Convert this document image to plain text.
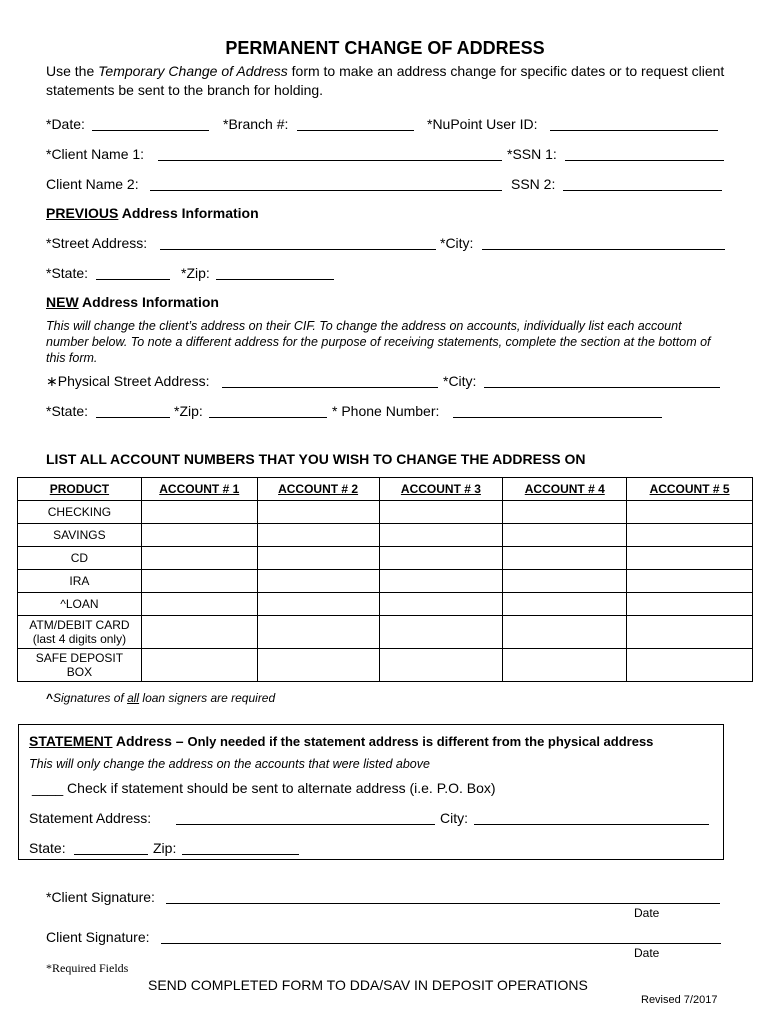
PERMANENT CHANGE OF ADDRESS
Use the Temporary Change of Address form to make an address change for specific dates or to request client statements be sent to the branch for holding.
*Date:	*Branch #:	*NuPoint User ID:
*Client Name 1:	*SSN 1:
Client Name 2:	SSN 2:
PREVIOUS Address Information
*Street Address:	*City:
*State:	*Zip:
NEW Address Information
This will change the client’s address on their CIF. To change the address on accounts, individually list each account number below. To note a different address for the purpose of receiving statements, complete the section at the bottom of this form.
∗Physical Street Address:	*City:
*State:	*Zip:	* Phone Number:
LIST ALL ACCOUNT NUMBERS THAT YOU WISH TO CHANGE THE ADDRESS ON
PRODUCT	ACCOUNT # 1	ACCOUNT # 2	ACCOUNT # 3	ACCOUNT # 4	ACCOUNT # 5
CHECKING					
SAVINGS					
CD					
IRA					
^LOAN					
ATM/DEBIT CARD
(last 4 digits only)					
SAFE DEPOSIT
BOX					
^Signatures of all loan signers are required
STATEMENT Address – Only needed if the statement address is different from the physical address
This will only change the address on the accounts that were listed above
____ Check if statement should be sent to alternate address (i.e. P.O. Box)
Statement Address:	City:
State:	Zip:
*Client Signature:
Date
Client Signature:
Date
*Required Fields
SEND COMPLETED FORM TO DDA/SAV IN DEPOSIT OPERATIONS
Revised 7/2017
